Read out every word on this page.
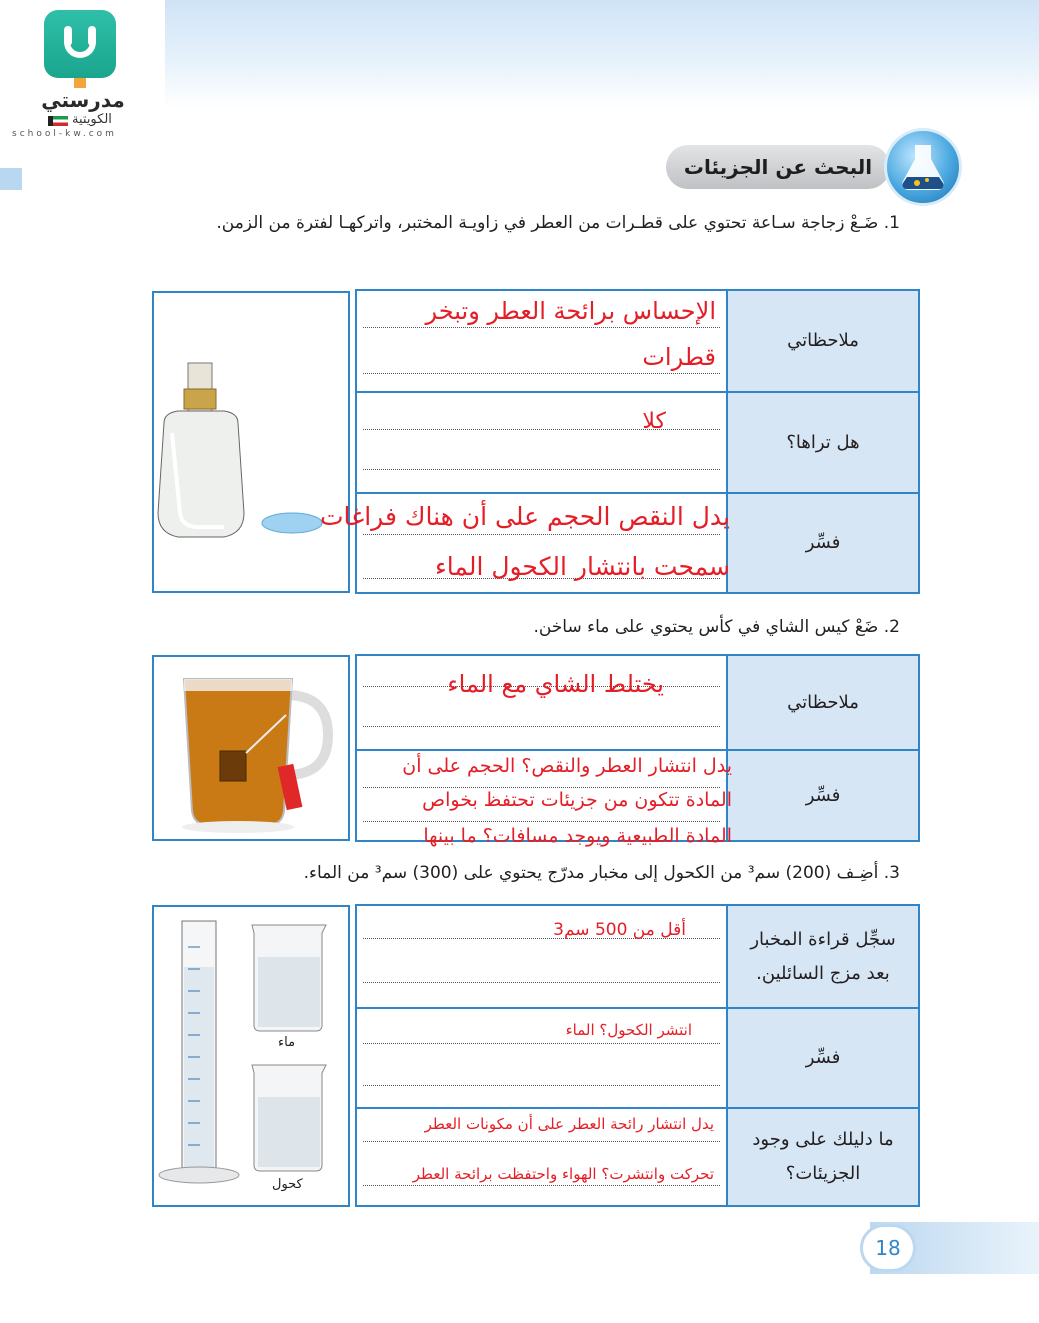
مدرستي
الكويتية
school-kw.com
البحث عن الجزيئات
1. ضَـعْ زجاجة سـاعة تحتوي على قطـرات من العطر في زاويـة المختبر، واتركهـا لفترة من الزمن.
الإحساس برائحة العطر وتبخر
قطرات
كلا
يدل النقص الحجم على أن هناك فراغات
سمحت بانتشار الكحول الماء
ملاحظاتي
هل تراها؟
فسِّر
2. ضَعْ كيس الشاي في كأس يحتوي على ماء ساخن.
يختلط الشاي مع الماء
يدل انتشار العطر والنقص؟ الحجم على أن
المادة تتكون من جزيئات تحتفظ بخواص
المادة الطبيعية ويوجد مسافات؟ ما بينها
ملاحظاتي
فسِّر
3. أضِـف (200) سم³ من الكحول إلى مخبار مدرّج يحتوي على (300) سم³ من الماء.
ماء
كحول
أقل من 500 سم3
انتشر الكحول؟ الماء
يدل انتشار رائحة العطر على أن مكونات العطر
تحركت وانتشرت؟ الهواء واحتفظت برائحة العطر
سجِّل قراءة المخبار بعد مزج السائلين.
فسِّر
ما دليلك على وجود الجزيئات؟
18
